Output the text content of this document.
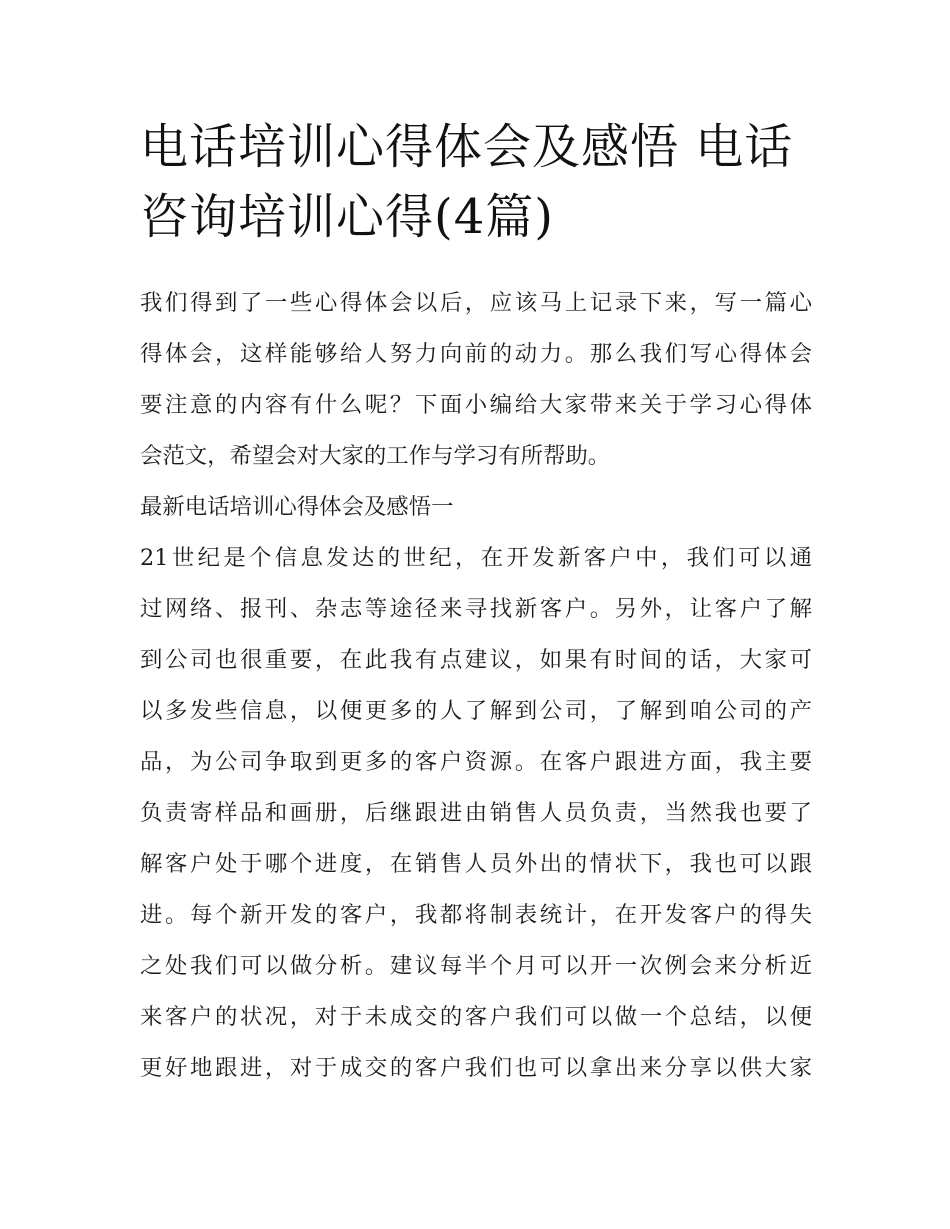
电话培训心得体会及感悟 电话
咨询培训心得(4篇)

我们得到了一些心得体会以后，应该马上记录下来，写一篇心
得体会，这样能够给人努力向前的动力。那么我们写心得体会
要注意的内容有什么呢？下面小编给大家带来关于学习心得体
会范文，希望会对大家的工作与学习有所帮助。

最新电话培训心得体会及感悟一

21世纪是个信息发达的世纪，在开发新客户中，我们可以通
过网络、报刊、杂志等途径来寻找新客户。另外，让客户了解
到公司也很重要，在此我有点建议，如果有时间的话，大家可
以多发些信息，以便更多的人了解到公司，了解到咱公司的产
品，为公司争取到更多的客户资源。在客户跟进方面，我主要
负责寄样品和画册，后继跟进由销售人员负责，当然我也要了
解客户处于哪个进度，在销售人员外出的情状下，我也可以跟
进。每个新开发的客户，我都将制表统计，在开发客户的得失
之处我们可以做分析。建议每半个月可以开一次例会来分析近
来客户的状况，对于未成交的客户我们可以做一个总结，以便
更好地跟进，对于成交的客户我们也可以拿出来分享以供大家
